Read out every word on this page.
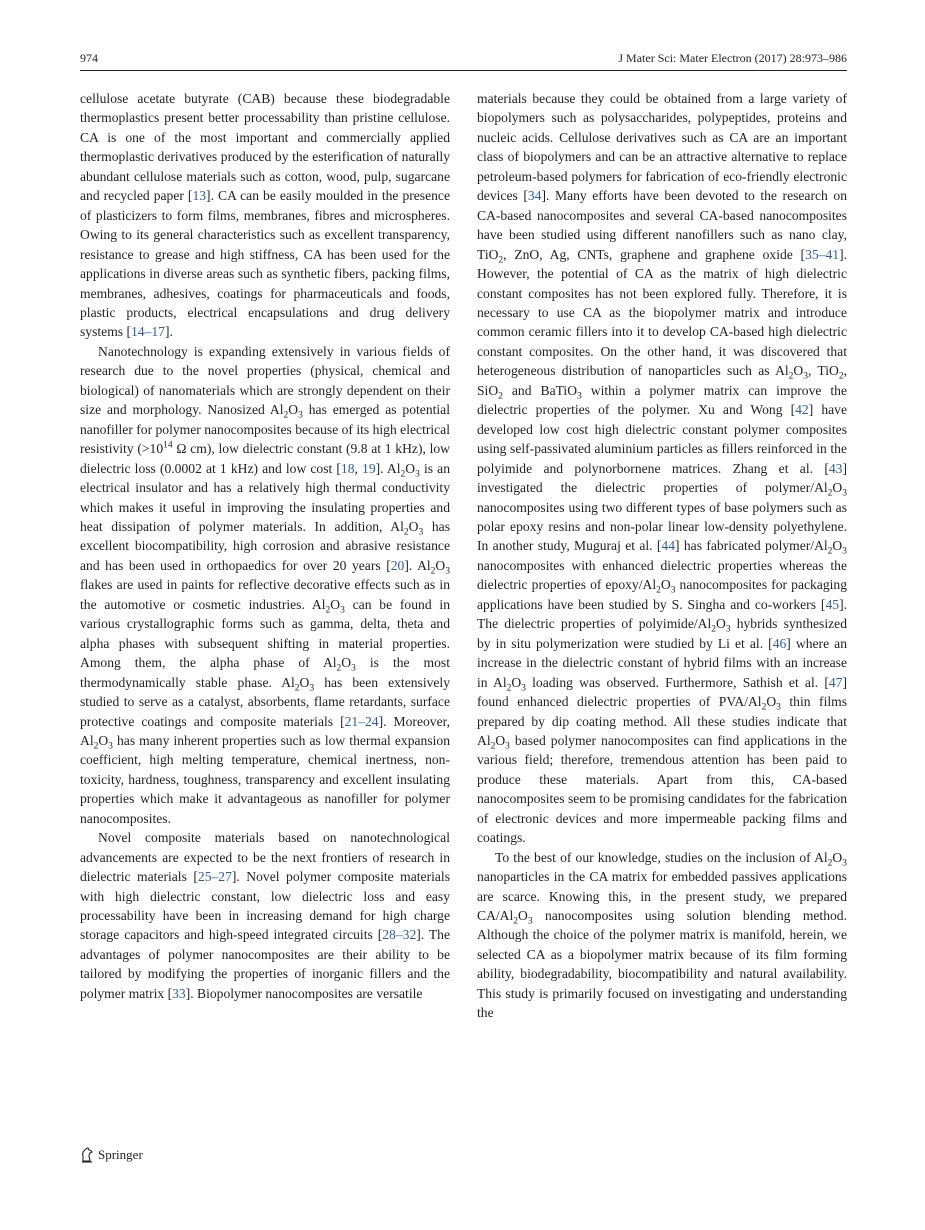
974	J Mater Sci: Mater Electron (2017) 28:973–986

cellulose acetate butyrate (CAB) because these biodegradable thermoplastics present better processability than pristine cellulose. CA is one of the most important and commercially applied thermoplastic derivatives produced by the esterification of naturally abundant cellulose materials such as cotton, wood, pulp, sugarcane and recycled paper [13]. CA can be easily moulded in the presence of plasticizers to form films, membranes, fibres and microspheres. Owing to its general characteristics such as excellent transparency, resistance to grease and high stiffness, CA has been used for the applications in diverse areas such as synthetic fibers, packing films, membranes, adhesives, coatings for pharmaceuticals and foods, plastic products, electrical encapsulations and drug delivery systems [14–17].

Nanotechnology is expanding extensively in various fields of research due to the novel properties (physical, chemical and biological) of nanomaterials which are strongly dependent on their size and morphology. Nanosized $Al_2O_3$ has emerged as potential nanofiller for polymer nanocomposites because of its high electrical resistivity ($>10^{14}$ Ω cm), low dielectric constant (9.8 at 1 kHz), low dielectric loss (0.0002 at 1 kHz) and low cost [18, 19]. $Al_2O_3$ is an electrical insulator and has a relatively high thermal conductivity which makes it useful in improving the insulating properties and heat dissipation of polymer materials. In addition, $Al_2O_3$ has excellent biocompatibility, high corrosion and abrasive resistance and has been used in orthopaedics for over 20 years [20]. $Al_2O_3$ flakes are used in paints for reflective decorative effects such as in the automotive or cosmetic industries. $Al_2O_3$ can be found in various crystallographic forms such as gamma, delta, theta and alpha phases with subsequent shifting in material properties. Among them, the alpha phase of $Al_2O_3$ is the most thermodynamically stable phase. $Al_2O_3$ has been extensively studied to serve as a catalyst, absorbents, flame retardants, surface protective coatings and composite materials [21–24]. Moreover, $Al_2O_3$ has many inherent properties such as low thermal expansion coefficient, high melting temperature, chemical inertness, non-toxicity, hardness, toughness, transparency and excellent insulating properties which make it advantageous as nanofiller for polymer nanocomposites.

Novel composite materials based on nanotechnological advancements are expected to be the next frontiers of research in dielectric materials [25–27]. Novel polymer composite materials with high dielectric constant, low dielectric loss and easy processability have been in increasing demand for high charge storage capacitors and high-speed integrated circuits [28–32]. The advantages of polymer nanocomposites are their ability to be tailored by modifying the properties of inorganic fillers and the polymer matrix [33]. Biopolymer nanocomposites are versatile

materials because they could be obtained from a large variety of biopolymers such as polysaccharides, polypeptides, proteins and nucleic acids. Cellulose derivatives such as CA are an important class of biopolymers and can be an attractive alternative to replace petroleum-based polymers for fabrication of eco-friendly electronic devices [34]. Many efforts have been devoted to the research on CA-based nanocomposites and several CA-based nanocomposites have been studied using different nanofillers such as nano clay, TiO$_2$, ZnO, Ag, CNTs, graphene and graphene oxide [35–41]. However, the potential of CA as the matrix of high dielectric constant composites has not been explored fully. Therefore, it is necessary to use CA as the biopolymer matrix and introduce common ceramic fillers into it to develop CA-based high dielectric constant composites. On the other hand, it was discovered that heterogeneous distribution of nanoparticles such as $Al_2O_3$, TiO$_2$, SiO$_2$ and BaTiO$_3$ within a polymer matrix can improve the dielectric properties of the polymer. Xu and Wong [42] have developed low cost high dielectric constant polymer composites using self-passivated aluminium particles as fillers reinforced in the polyimide and polynorbornene matrices. Zhang et al. [43] investigated the dielectric properties of polymer/$Al_2O_3$ nanocomposites using two different types of base polymers such as polar epoxy resins and non-polar linear low-density polyethylene. In another study, Muguraj et al. [44] has fabricated polymer/$Al_2O_3$ nanocomposites with enhanced dielectric properties whereas the dielectric properties of epoxy/$Al_2O_3$ nanocomposites for packaging applications have been studied by S. Singha and co-workers [45]. The dielectric properties of polyimide/$Al_2O_3$ hybrids synthesized by in situ polymerization were studied by Li et al. [46] where an increase in the dielectric constant of hybrid films with an increase in $Al_2O_3$ loading was observed. Furthermore, Sathish et al. [47] found enhanced dielectric properties of PVA/$Al_2O_3$ thin films prepared by dip coating method. All these studies indicate that $Al_2O_3$ based polymer nanocomposites can find applications in the various field; therefore, tremendous attention has been paid to produce these materials. Apart from this, CA-based nanocomposites seem to be promising candidates for the fabrication of electronic devices and more impermeable packing films and coatings.

To the best of our knowledge, studies on the inclusion of $Al_2O_3$ nanoparticles in the CA matrix for embedded passives applications are scarce. Knowing this, in the present study, we prepared $CA/Al_2O_3$ nanocomposites using solution blending method. Although the choice of the polymer matrix is manifold, herein, we selected CA as a biopolymer matrix because of its film forming ability, biodegradability, biocompatibility and natural availability. This study is primarily focused on investigating and understanding the

Springer
